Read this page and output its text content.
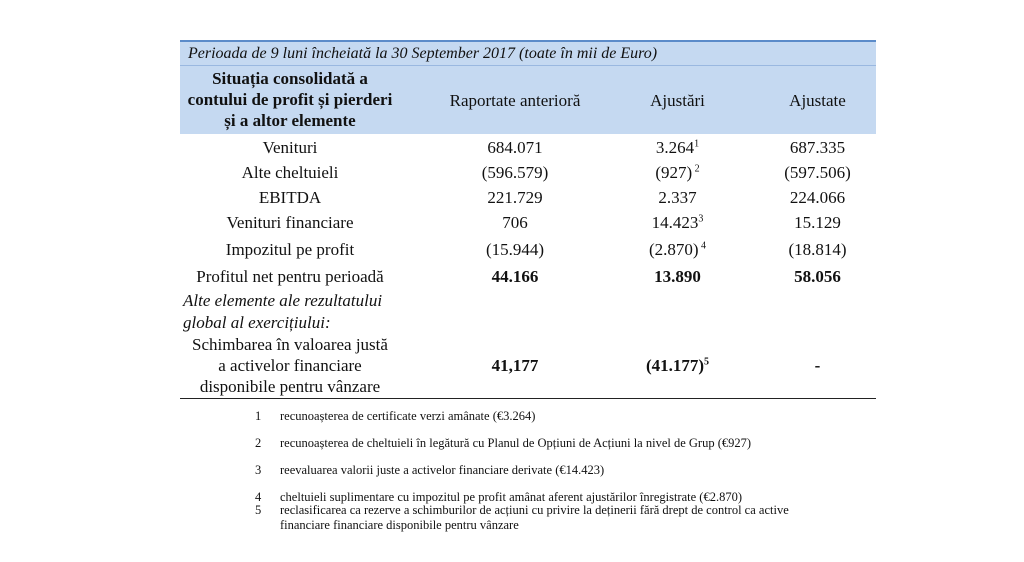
Perioada de 9 luni încheiată la 30 September 2017 (toate în mii de Euro)
Situația consolidată a
contului de profit și pierderi
și a altor elemente
Raportate anterioră	Ajustări	Ajustate
Venituri	684.071	3.264$^1$	687.335
Alte cheltuieli	(596.579)	(927) $^2$	(597.506)
EBITDA	221.729	2.337	224.066
Venituri financiare	706	14.423$^3$	15.129
Impozitul pe profit	(15.944)	(2.870) $^4$	(18.814)
Profitul net pentru perioadă	44.166	13.890	58.056
Alte elemente ale rezultatului
global al exercițiului:
Schimbarea în valoarea justă
a activelor financiare
disponibile pentru vânzare
41,177	$(41.177)^5$	-
1	recunoașterea de certificate verzi amânate (€3.264)
2	recunoașterea de cheltuieli în legătură cu Planul de Opțiuni de Acțiuni la nivel de Grup (€927)
3	reevaluarea valorii juste a activelor financiare derivate (€14.423)
4	cheltuieli suplimentare cu impozitul pe profit amânat aferent ajustărilor înregistrate (€2.870)
5	reclasificarea ca rezerve a schimburilor de acțiuni cu privire la deținerii fără drept de control ca active
financiare financiare disponibile pentru vânzare
